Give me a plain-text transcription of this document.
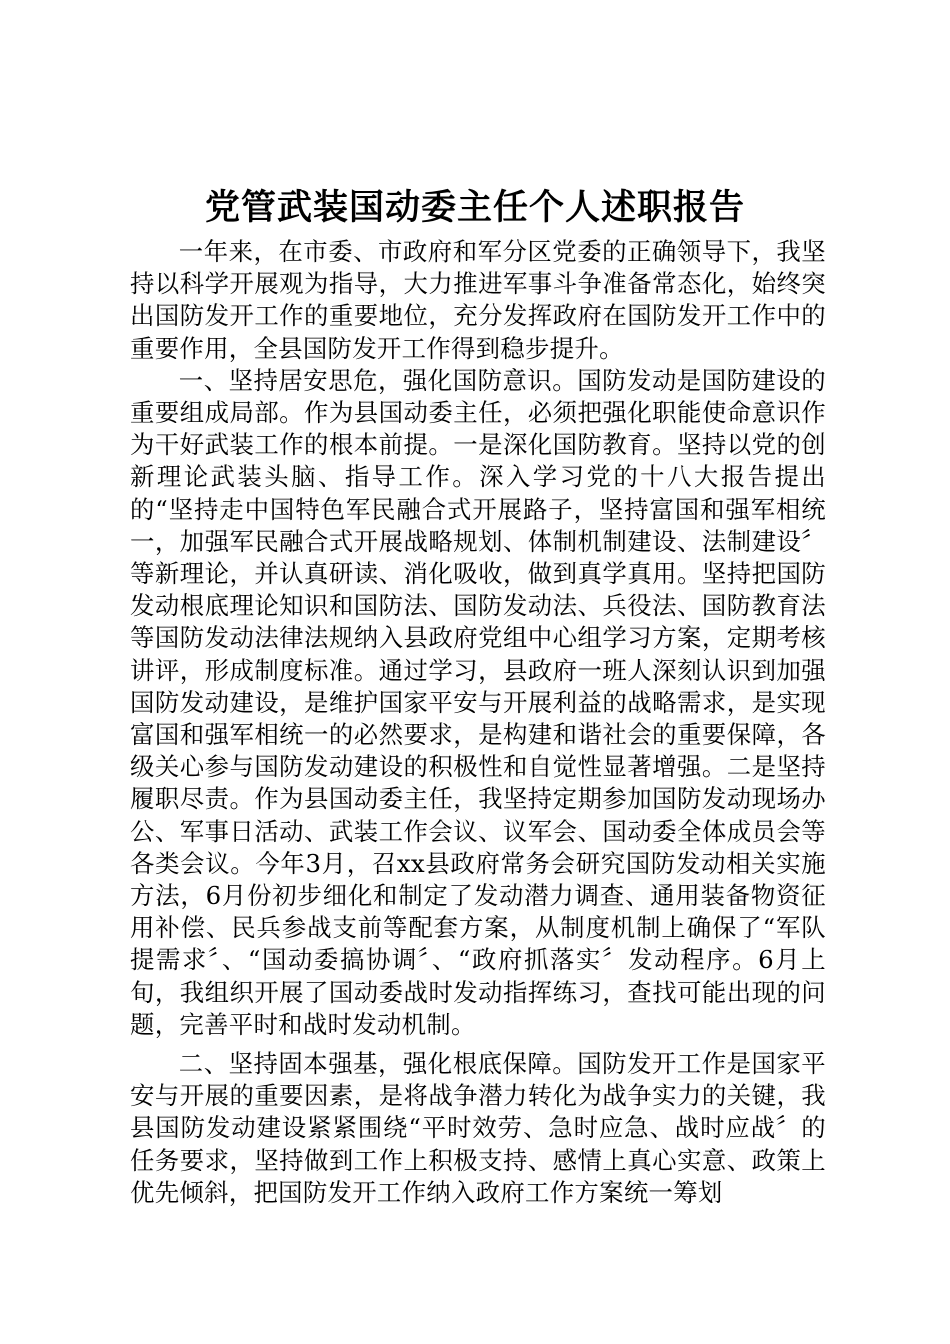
党管武装国动委主任个人述职报告

一年来，在市委、市政府和军分区党委的正确领导下，我坚持以科学开展观为指导，大力推进军事斗争准备常态化，始终突出国防发开工作的重要地位，充分发挥政府在国防发开工作中的重要作用，全县国防发开工作得到稳步提升。

一、坚持居安思危，强化国防意识。国防发动是国防建设的重要组成局部。作为县国动委主任，必须把强化职能使命意识作为干好武装工作的根本前提。一是深化国防教育。坚持以党的创新理论武装头脑、指导工作。深入学习党的十八大报告提出的“坚持走中国特色军民融合式开展路子，坚持富国和强军相统一，加强军民融合式开展战略规划、体制机制建设、法制建设〞等新理论，并认真研读、消化吸收，做到真学真用。坚持把国防发动根底理论知识和国防法、国防发动法、兵役法、国防教育法等国防发动法律法规纳入县政府党组中心组学习方案，定期考核讲评，形成制度标准。通过学习，县政府一班人深刻认识到加强国防发动建设，是维护国家平安与开展利益的战略需求，是实现富国和强军相统一的必然要求，是构建和谐社会的重要保障，各级关心参与国防发动建设的积极性和自觉性显著增强。二是坚持履职尽责。作为县国动委主任，我坚持定期参加国防发动现场办公、军事日活动、武装工作会议、议军会、国动委全体成员会等各类会议。今年3月，召xx县政府常务会研究国防发动相关实施方法，6月份初步细化和制定了发动潜力调查、通用装备物资征用补偿、民兵参战支前等配套方案，从制度机制上确保了“军队提需求〞、“国动委搞协调〞、“政府抓落实〞发动程序。6月上旬，我组织开展了国动委战时发动指挥练习，查找可能出现的问题，完善平时和战时发动机制。

二、坚持固本强基，强化根底保障。国防发开工作是国家平安与开展的重要因素，是将战争潜力转化为战争实力的关键，我县国防发动建设紧紧围绕“平时效劳、急时应急、战时应战〞的任务要求，坚持做到工作上积极支持、感情上真心实意、政策上优先倾斜，把国防发开工作纳入政府工作方案统一筹划
